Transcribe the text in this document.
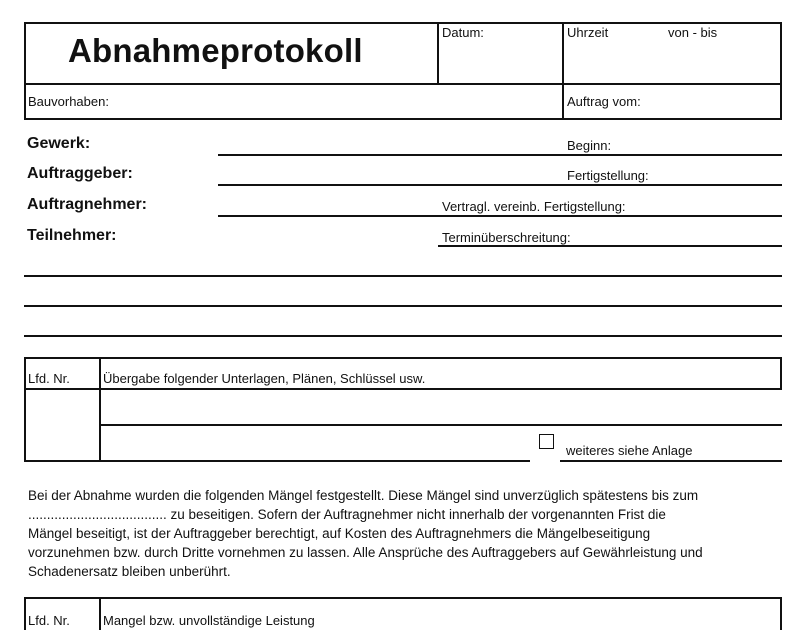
Abnahmeprotokoll	Datum:	Uhrzeit	von - bis
Bauvorhaben:	Auftrag vom:
Gewerk:
Auftraggeber:
Auftragnehmer:
Teilnehmer:
Beginn:
Fertigstellung:
Vertragl. vereinb. Fertigstellung:
Terminüberschreitung:
Lfd. Nr.	Übergabe folgender Unterlagen, Plänen, Schlüssel usw.
weiteres siehe Anlage
Bei der Abnahme wurden die folgenden Mängel festgestellt. Diese Mängel sind unverzüglich spätestens bis zum
..................................... zu beseitigen. Sofern der Auftragnehmer nicht innerhalb der vorgenannten Frist die
Mängel beseitigt, ist der Auftraggeber berechtigt, auf Kosten des Auftragnehmers die Mängelbeseitigung
vorzunehmen bzw. durch Dritte vornehmen zu lassen. Alle Ansprüche des Auftraggebers auf Gewährleistung und
Schadenersatz bleiben unberührt.
Lfd. Nr.	Mangel bzw. unvollständige Leistung
